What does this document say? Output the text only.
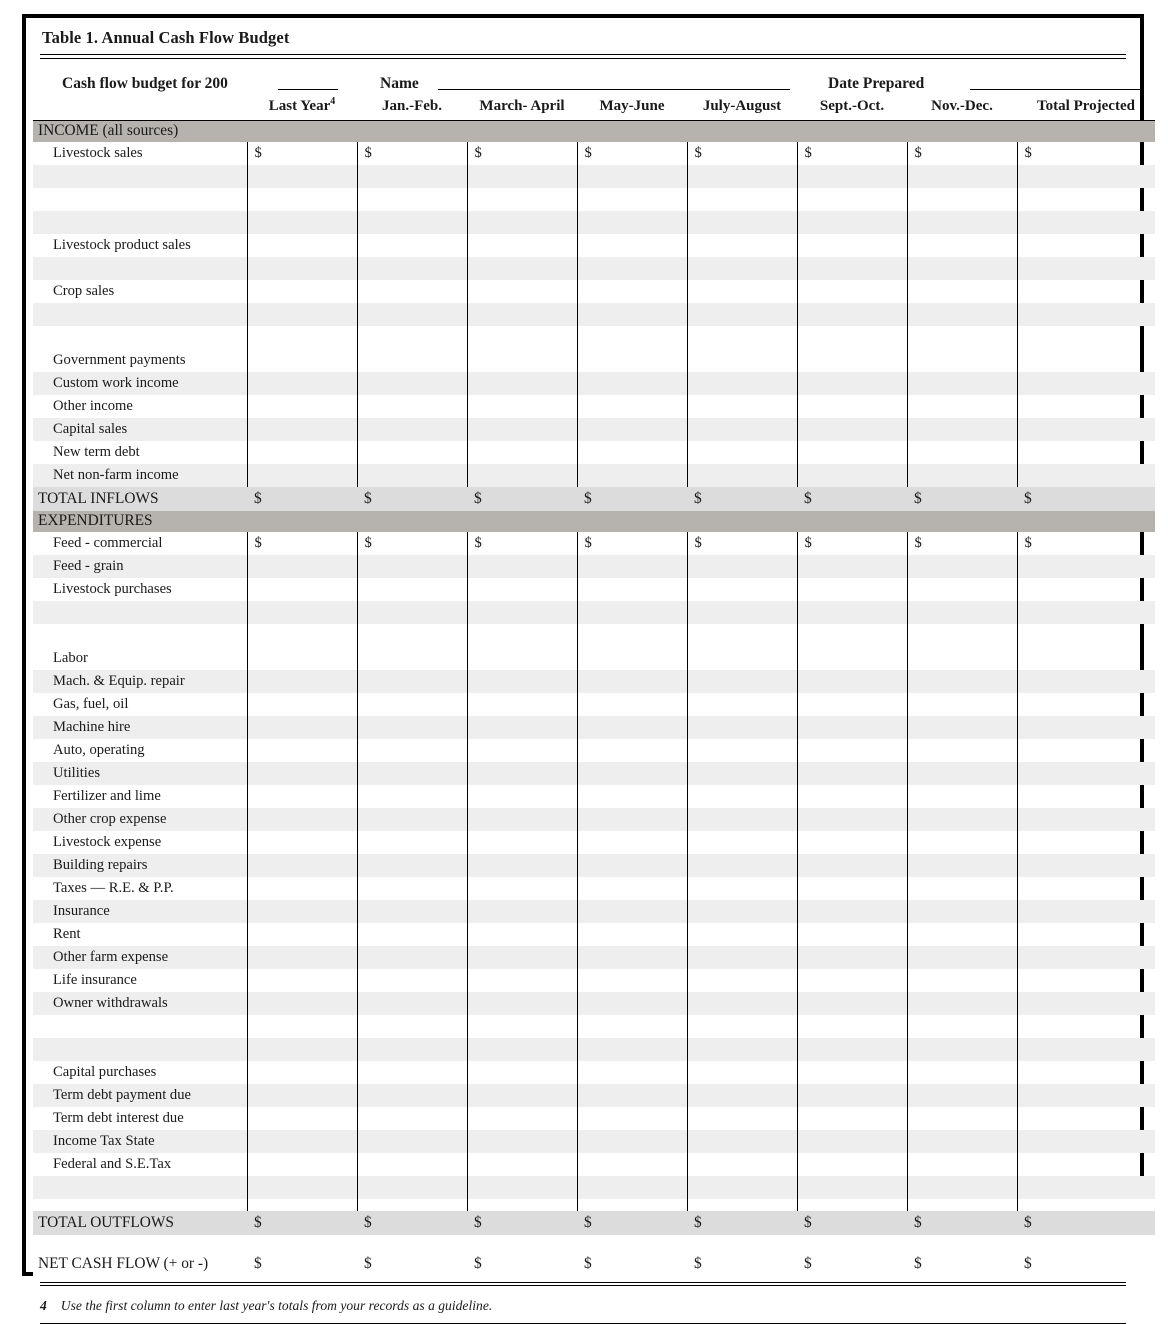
Table 1. Annual Cash Flow Budget
Cash flow budget for 200	Name	Date Prepared
	Last Year$^4$	Jan.-Feb.	March- April	May-June	July-August	Sept.-Oct.	Nov.-Dec.	Total Projected
INCOME (all sources)								
Livestock sales	$	$	$	$	$	$	$	$

Livestock product sales								

Crop sales								

Government payments								
Custom work income								
Other income								
Capital sales								
New term debt								
Net non-farm income								
TOTAL INFLOWS	$	$	$	$	$	$	$	$
EXPENDITURES								
Feed - commercial	$	$	$	$	$	$	$	$
Feed - grain								
Livestock purchases								

Labor								
Mach. & Equip. repair								
Gas, fuel, oil								
Machine hire								
Auto, operating								
Utilities								
Fertilizer and lime								
Other crop expense								
Livestock expense								
Building repairs								
Taxes — R.E. & P.P.								
Insurance								
Rent								
Other farm expense								
Life insurance								
Owner withdrawals								

Capital purchases								
Term debt payment due								
Term debt interest due								
Income Tax State								
Federal and S.E.Tax								

TOTAL OUTFLOWS	$	$	$	$	$	$	$	$

NET CASH FLOW (+ or -)	$	$	$	$	$	$	$	$
4 Use the first column to enter last year's totals from your records as a guideline.
